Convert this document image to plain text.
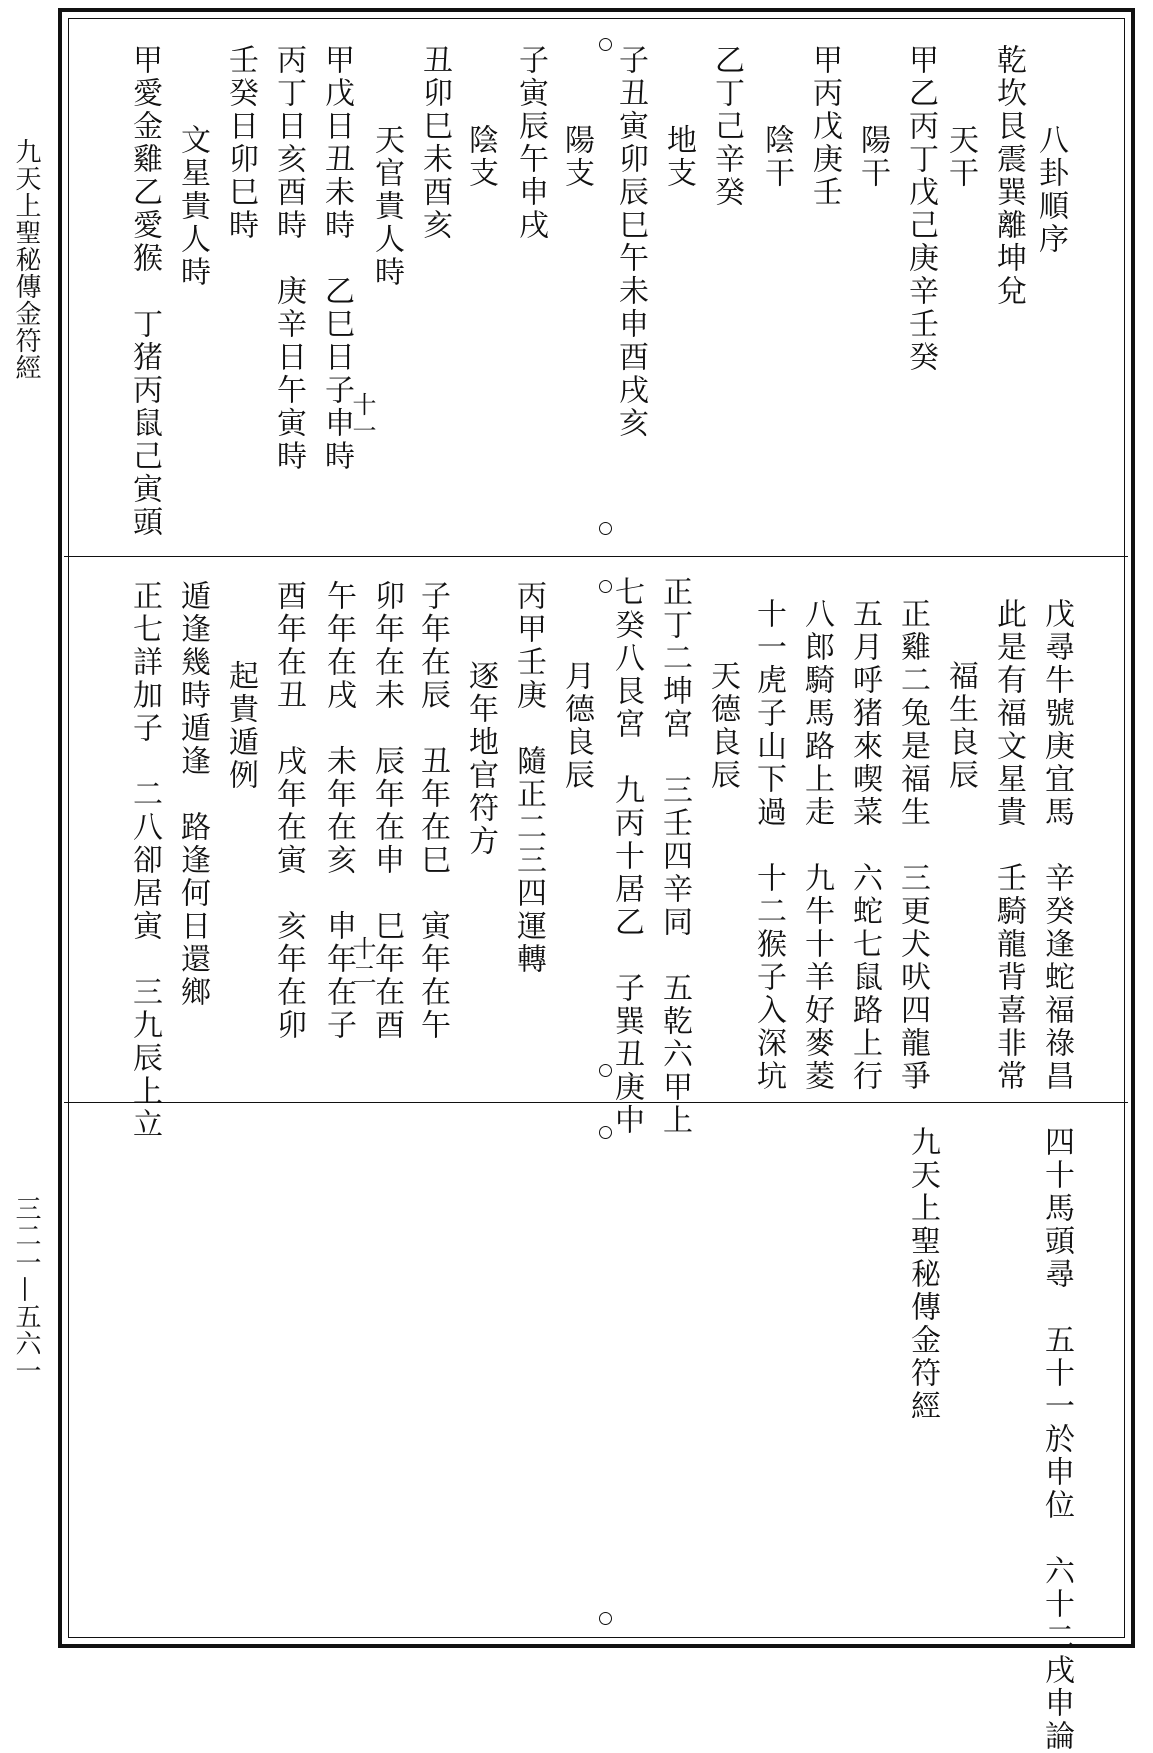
九天上聖秘傳金符經
三二一—五六一
八卦順序
乾坎艮震巽離坤兌
天干
甲乙丙丁戊己庚辛壬癸
陽干
甲丙戊庚壬
陰干
乙丁己辛癸
地支
子丑寅卯辰巳午未申酉戌亥
陽支
子寅辰午申戌
陰支
丑卯巳未酉亥
天官貴人時
甲戊日丑未時　乙巳日子申時
丙丁日亥酉時　庚辛日午寅時
壬癸日卯巳時
文星貴人時
甲愛金雞乙愛猴　丁猪丙鼠己寅頭	十一
戊尋牛號庚宜馬　辛癸逢蛇福祿昌
此是有福文星貴　壬騎龍背喜非常
福生良辰
正雞二兔是福生　三更犬吠四龍爭
五月呼猪來喫菜　六蛇七鼠路上行
八郎騎馬路上走　九牛十羊好麥菱
十一虎子山下過　十二猴子入深坑
天德良辰
正丁二坤宮　三壬四辛同　五乾六甲上
七癸八艮宮　九丙十居乙　子巽丑庚中
月德良辰
丙甲壬庚　隨正二三四運轉
逐年地官符方
子年在辰　丑年在巳　寅年在午
卯年在未　辰年在申　巳年在酉
午年在戌　未年在亥　申年在子
酉年在丑　戌年在寅　亥年在卯
起貴遁例
遁逢幾時遁逢　路逢何日還鄉
正七詳加子　二八卻居寅　三九辰上立	十二
四十馬頭尋　五十一於申位　六十二戌申論
九天上聖秘傳金符經
